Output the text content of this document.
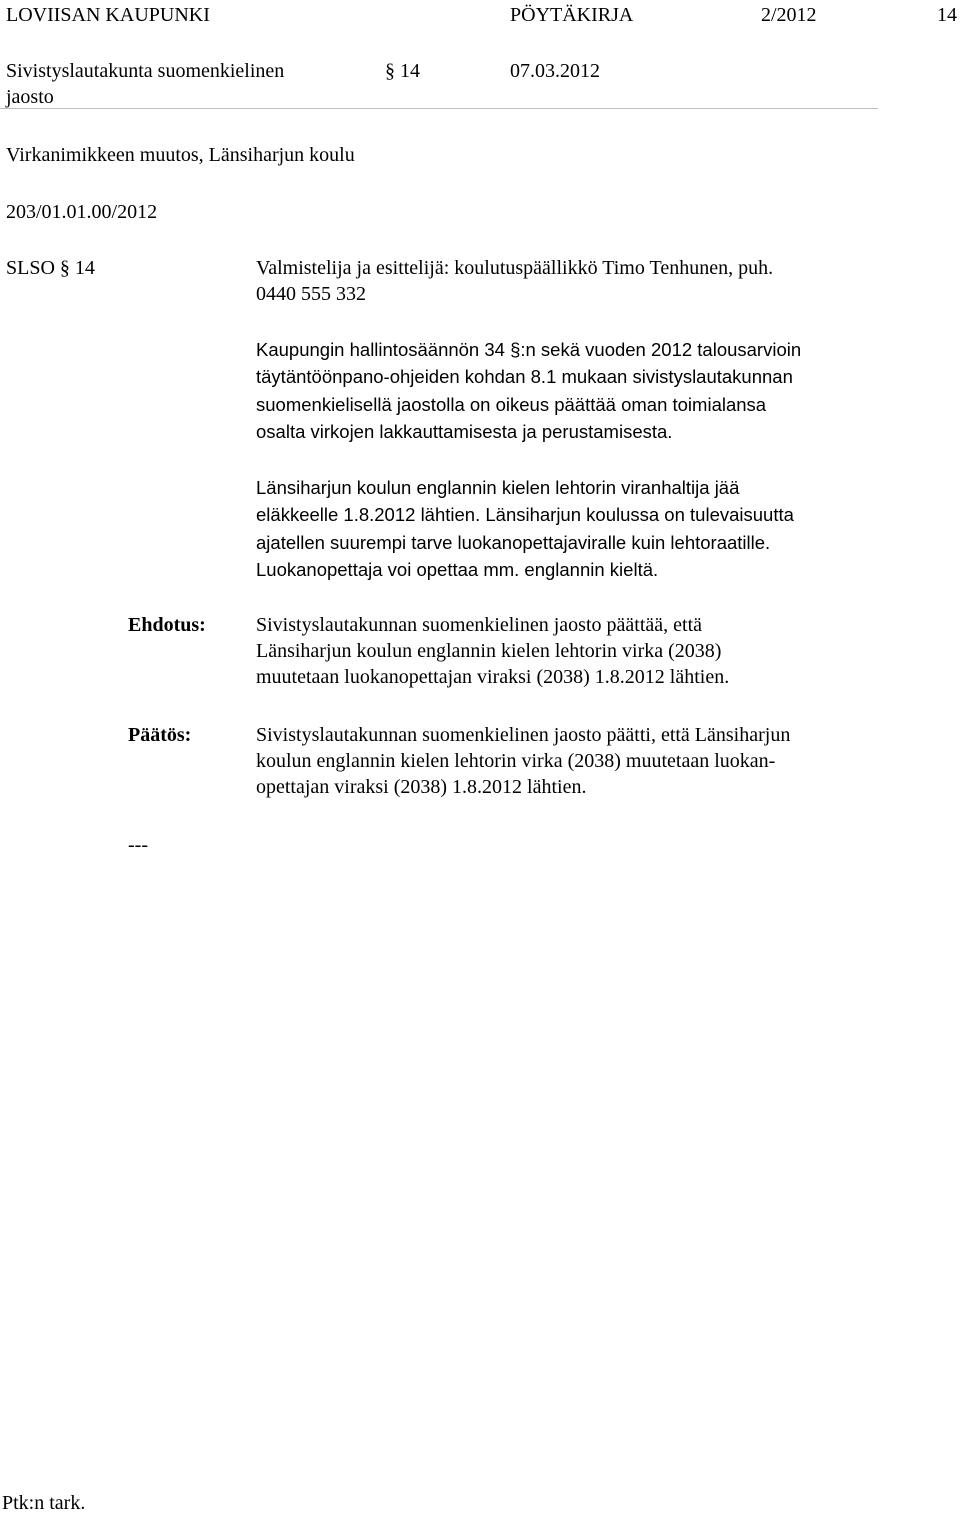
LOVIISAN KAUPUNKI	PÖYTÄKIRJA	2/2012	14
Sivistyslautakunta suomenkielinen
jaosto
§ 14	07.03.2012
Virkanimikkeen muutos, Länsiharjun koulu
203/01.01.00/2012
SLSO § 14	Valmistelija ja esittelijä: koulutuspäällikkö Timo Tenhunen, puh.
0440 555 332
Kaupungin hallintosäännön 34 §:n sekä vuoden 2012 talousarvioin
täytäntöönpano-ohjeiden kohdan 8.1 mukaan sivistyslautakunnan
suomenkielisellä jaostolla on oikeus päättää oman toimialansa
osalta virkojen lakkauttamisesta ja perustamisesta.
Länsiharjun koulun englannin kielen lehtorin viranhaltija jää
eläkkeelle 1.8.2012 lähtien. Länsiharjun koulussa on tulevaisuutta
ajatellen suurempi tarve luokanopettajaviralle kuin lehtoraatille.
Luokanopettaja voi opettaa mm. englannin kieltä.
Ehdotus:	Sivistyslautakunnan suomenkielinen jaosto päättää, että
Länsiharjun koulun englannin kielen lehtorin virka (2038)
muutetaan luokanopettajan viraksi (2038) 1.8.2012 lähtien.
Päätös:	Sivistyslautakunnan suomenkielinen jaosto päätti, että Länsiharjun
koulun englannin kielen lehtorin virka (2038) muutetaan luokan-
opettajan viraksi (2038) 1.8.2012 lähtien.
---
Ptk:n tark.
